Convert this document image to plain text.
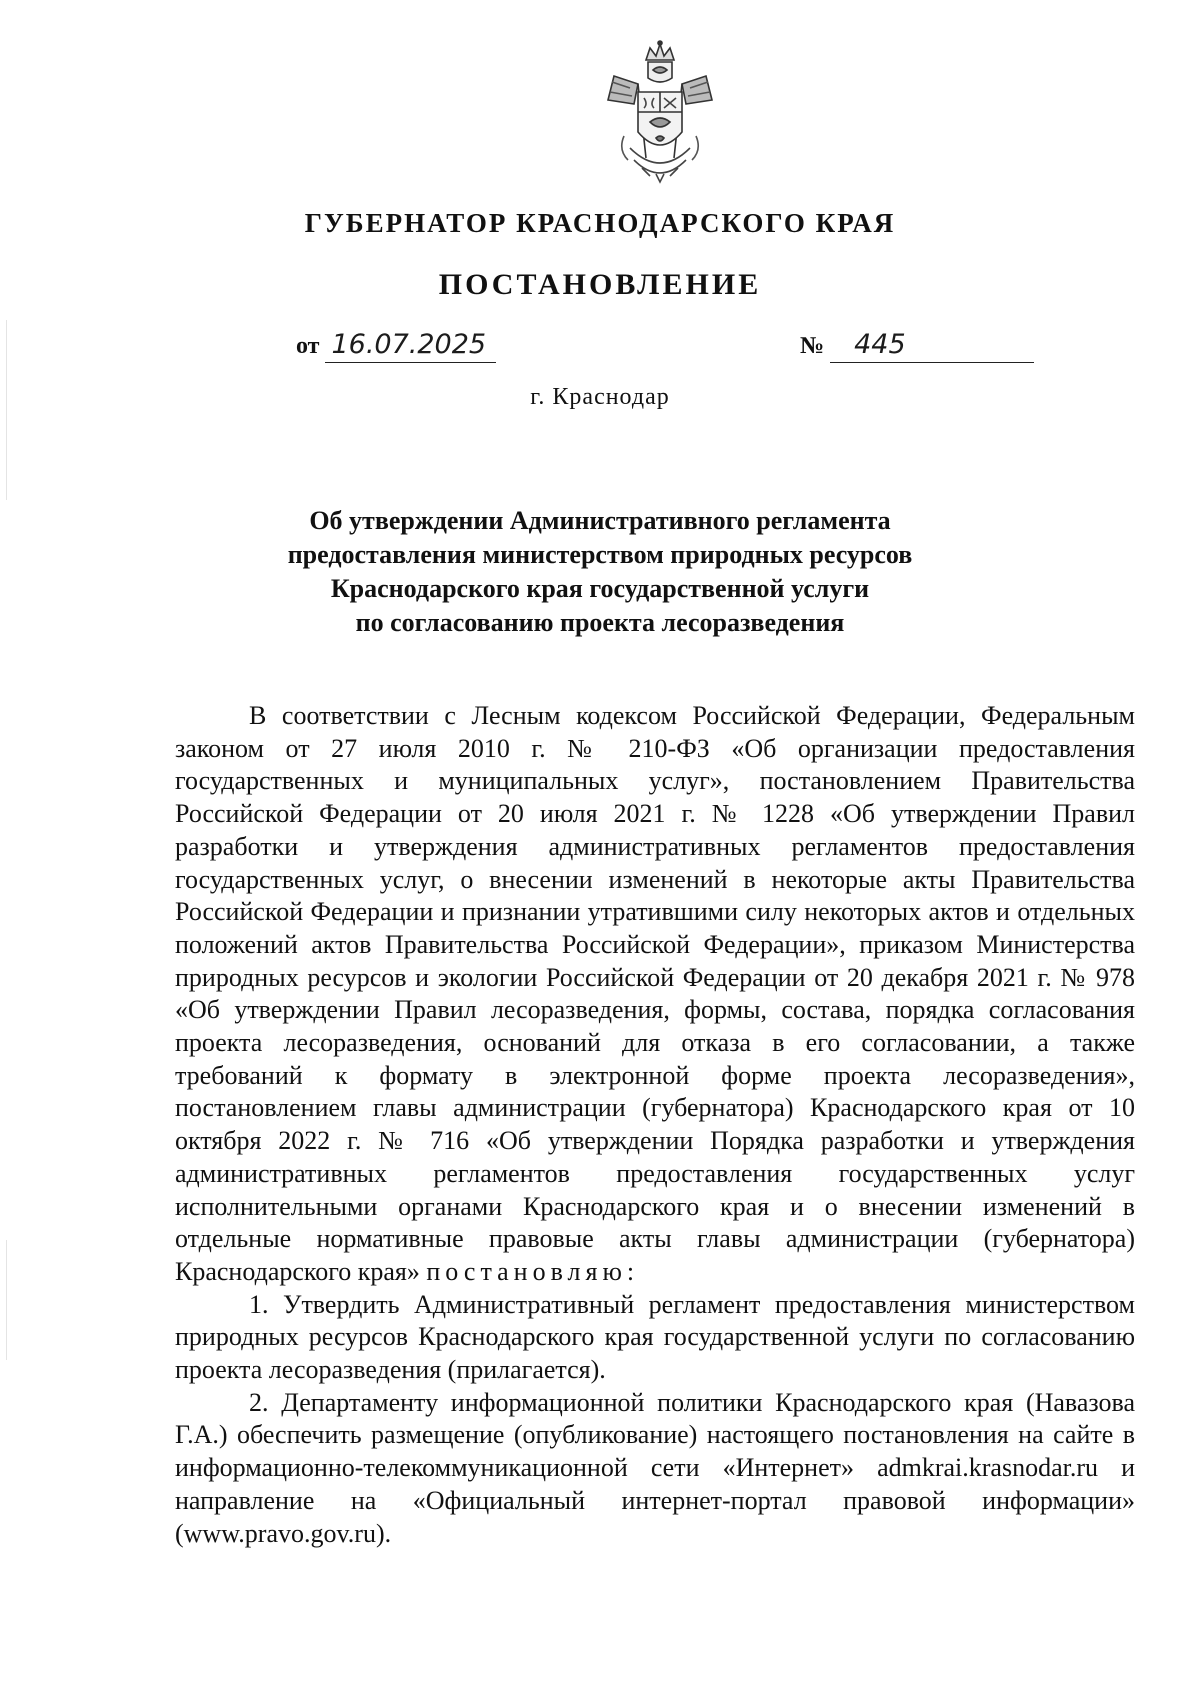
ГУБЕРНАТОР КРАСНОДАРСКОГО КРАЯ
ПОСТАНОВЛЕНИЕ
от 16.07.2025	№ 445
г. Краснодар
Об утверждении Административного регламента
предоставления министерством природных ресурсов
Краснодарского края государственной услуги
по согласованию проекта лесоразведения

В соответствии с Лесным кодексом Российской Федерации, Федеральным законом от 27 июля 2010 г. № 210-ФЗ «Об организации предоставления государственных и муниципальных услуг», постановлением Правительства Российской Федерации от 20 июля 2021 г. № 1228 «Об утверждении Правил разработки и утверждения административных регламентов предоставления государственных услуг, о внесении изменений в некоторые акты Правительства Российской Федерации и признании утратившими силу некоторых актов и отдельных положений актов Правительства Российской Федерации», приказом Министерства природных ресурсов и экологии Российской Федерации от 20 декабря 2021 г. № 978 «Об утверждении Правил лесоразведения, формы, состава, порядка согласования проекта лесоразведения, оснований для отказа в его согласовании, а также требований к формату в электронной форме проекта лесоразведения», постановлением главы администрации (губернатора) Краснодарского края от 10 октября 2022 г. № 716 «Об утверждении Порядка разработки и утверждения административных регламентов предоставления государственных услуг исполнительными органами Краснодарского края и о внесении изменений в отдельные нормативные правовые акты главы администрации (губернатора) Краснодарского края» постановляю:

1. Утвердить Административный регламент предоставления министерством природных ресурсов Краснодарского края государственной услуги по согласованию проекта лесоразведения (прилагается).

2. Департаменту информационной политики Краснодарского края (Навазова Г.А.) обеспечить размещение (опубликование) настоящего постановления на сайте в информационно-телекоммуникационной сети «Интернет» admkrai.krasnodar.ru и направление на «Официальный интернет-портал правовой информации» (www.pravo.gov.ru).
